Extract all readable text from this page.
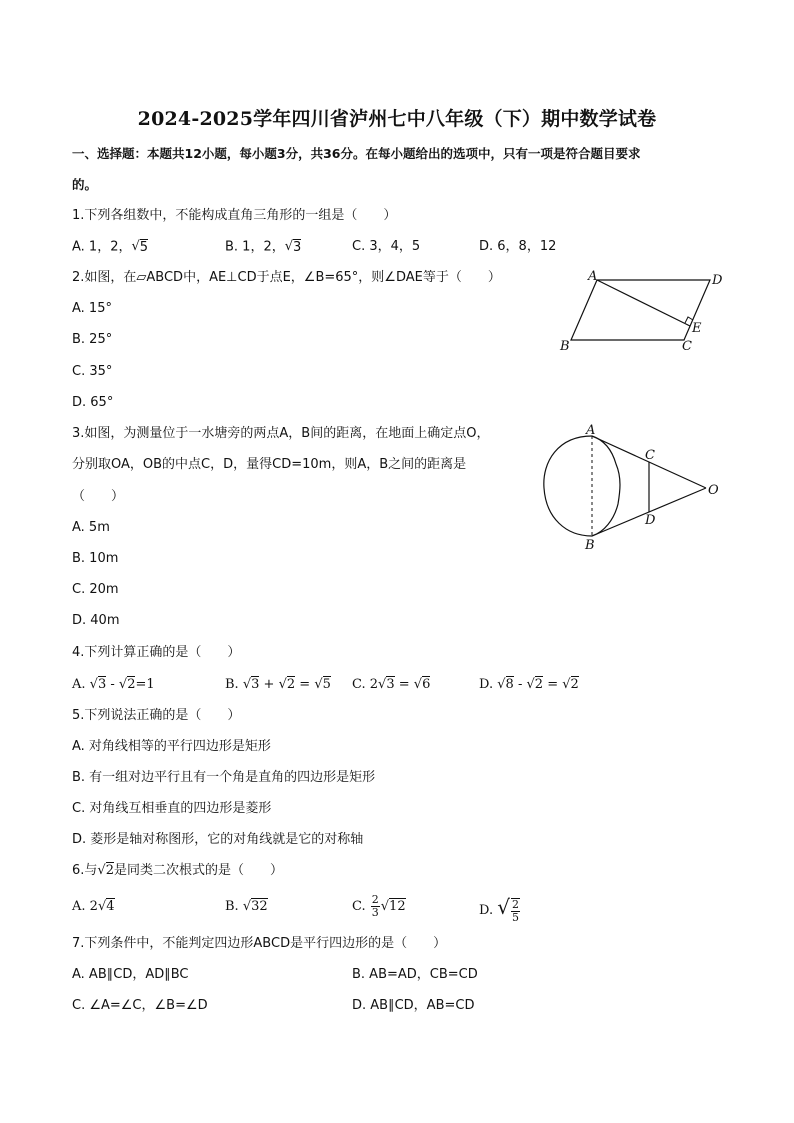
2024-2025学年四川省泸州七中八年级（下）期中数学试卷
一、选择题：本题共12小题，每小题3分，共36分。在每小题给出的选项中，只有一项是符合题目要求
的。
1.下列各组数中，不能构成直角三角形的一组是（　　）
A. 1，2，√5	B. 1，2，√3	C. 3，4，5	D. 6，8，12
2.如图，在▱ABCD中，AE⊥CD于点E，∠B=65°，则∠DAE等于（　　）
A. 15°
B. 25°
C. 35°
D. 65°
A	D
B	C
E
3.如图，为测量位于一水塘旁的两点A，B间的距离，在地面上确定点O，
分别取OA，OB的中点C，D，量得CD=10m，则A，B之间的距离是
（　　）
A. 5m
B. 10m
C. 20m
D. 40m
A
B
C
D
O
4.下列计算正确的是（　　）
A. √3 - √2=1	B. √3 + √2 = √5 C. 2√3 = √6	D. √8 - √2 = √2
5.下列说法正确的是（　　）
A. 对角线相等的平行四边形是矩形
B. 有一组对边平行且有一个角是直角的四边形是矩形
C. 对角线互相垂直的四边形是菱形
D. 菱形是轴对称图形，它的对角线就是它的对称轴
6.与√2是同类二次根式的是（　　）
A. 2√4	B. √32	C. $\frac{2}{3} √12$	D. √ $\frac{2}{5}$
7.下列条件中，不能判定四边形ABCD是平行四边形的是（　　）
A. AB∥CD，AD∥BC	B. AB=AD，CB=CD
C. ∠A=∠C，∠B=∠D	D. AB∥CD，AB=CD
